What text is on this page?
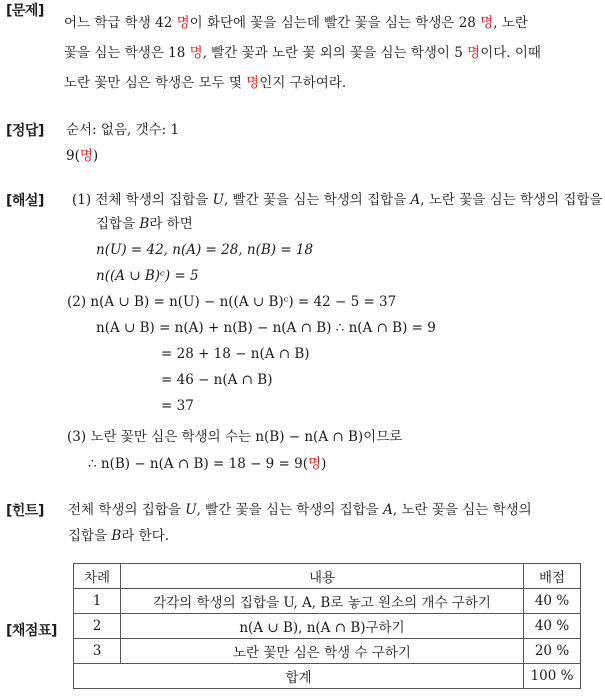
[문제]
어느 학급 학생 42 명이 화단에 꽃을 심는데 빨간 꽃을 심는 학생은 28 명, 노란
꽃을 심는 학생은 18 명, 빨간 꽃과 노란 꽃 외의 꽃을 심는 학생이 5 명이다. 이때
노란 꽃만 심은 학생은 모두 몇 명인지 구하여라.
[정답] 순서: 없음, 갯수: 1
9(명)
[해설] (1) 전체 학생의 집합을 U, 빨간 꽃을 심는 학생의 집합을 A, 노란 꽃을 심는 학생의 집합을
집합을 B라 하면
n(U) = 42, n(A) = 28, n(B) = 18
n((A ∪ B)ᶜ) = 5
(2) n(A ∪ B) = n(U) − n((A ∪ B)ᶜ) = 42 − 5 = 37
n(A ∪ B) = n(A) + n(B) − n(A ∩ B) ∴ n(A ∩ B) = 9
= 28 + 18 − n(A ∩ B)
= 46 − n(A ∩ B)
= 37
(3) 노란 꽃만 심은 학생의 수는 n(B) − n(A ∩ B)이므로
∴ n(B) − n(A ∩ B) = 18 − 9 = 9(명)
[힌트] 전체 학생의 집합을 U, 빨간 꽃을 심는 학생의 집합을 A, 노란 꽃을 심는 학생의
집합을 B라 한다.
[채점표]
차례	내용	배점
1	각각의 학생의 집합을 U, A, B로 놓고 원소의 개수 구하기	40 %
2	n(A ∪ B), n(A ∩ B)구하기	40 %
3	노란 꽃만 심은 학생 수 구하기	20 %
합계		100 %
